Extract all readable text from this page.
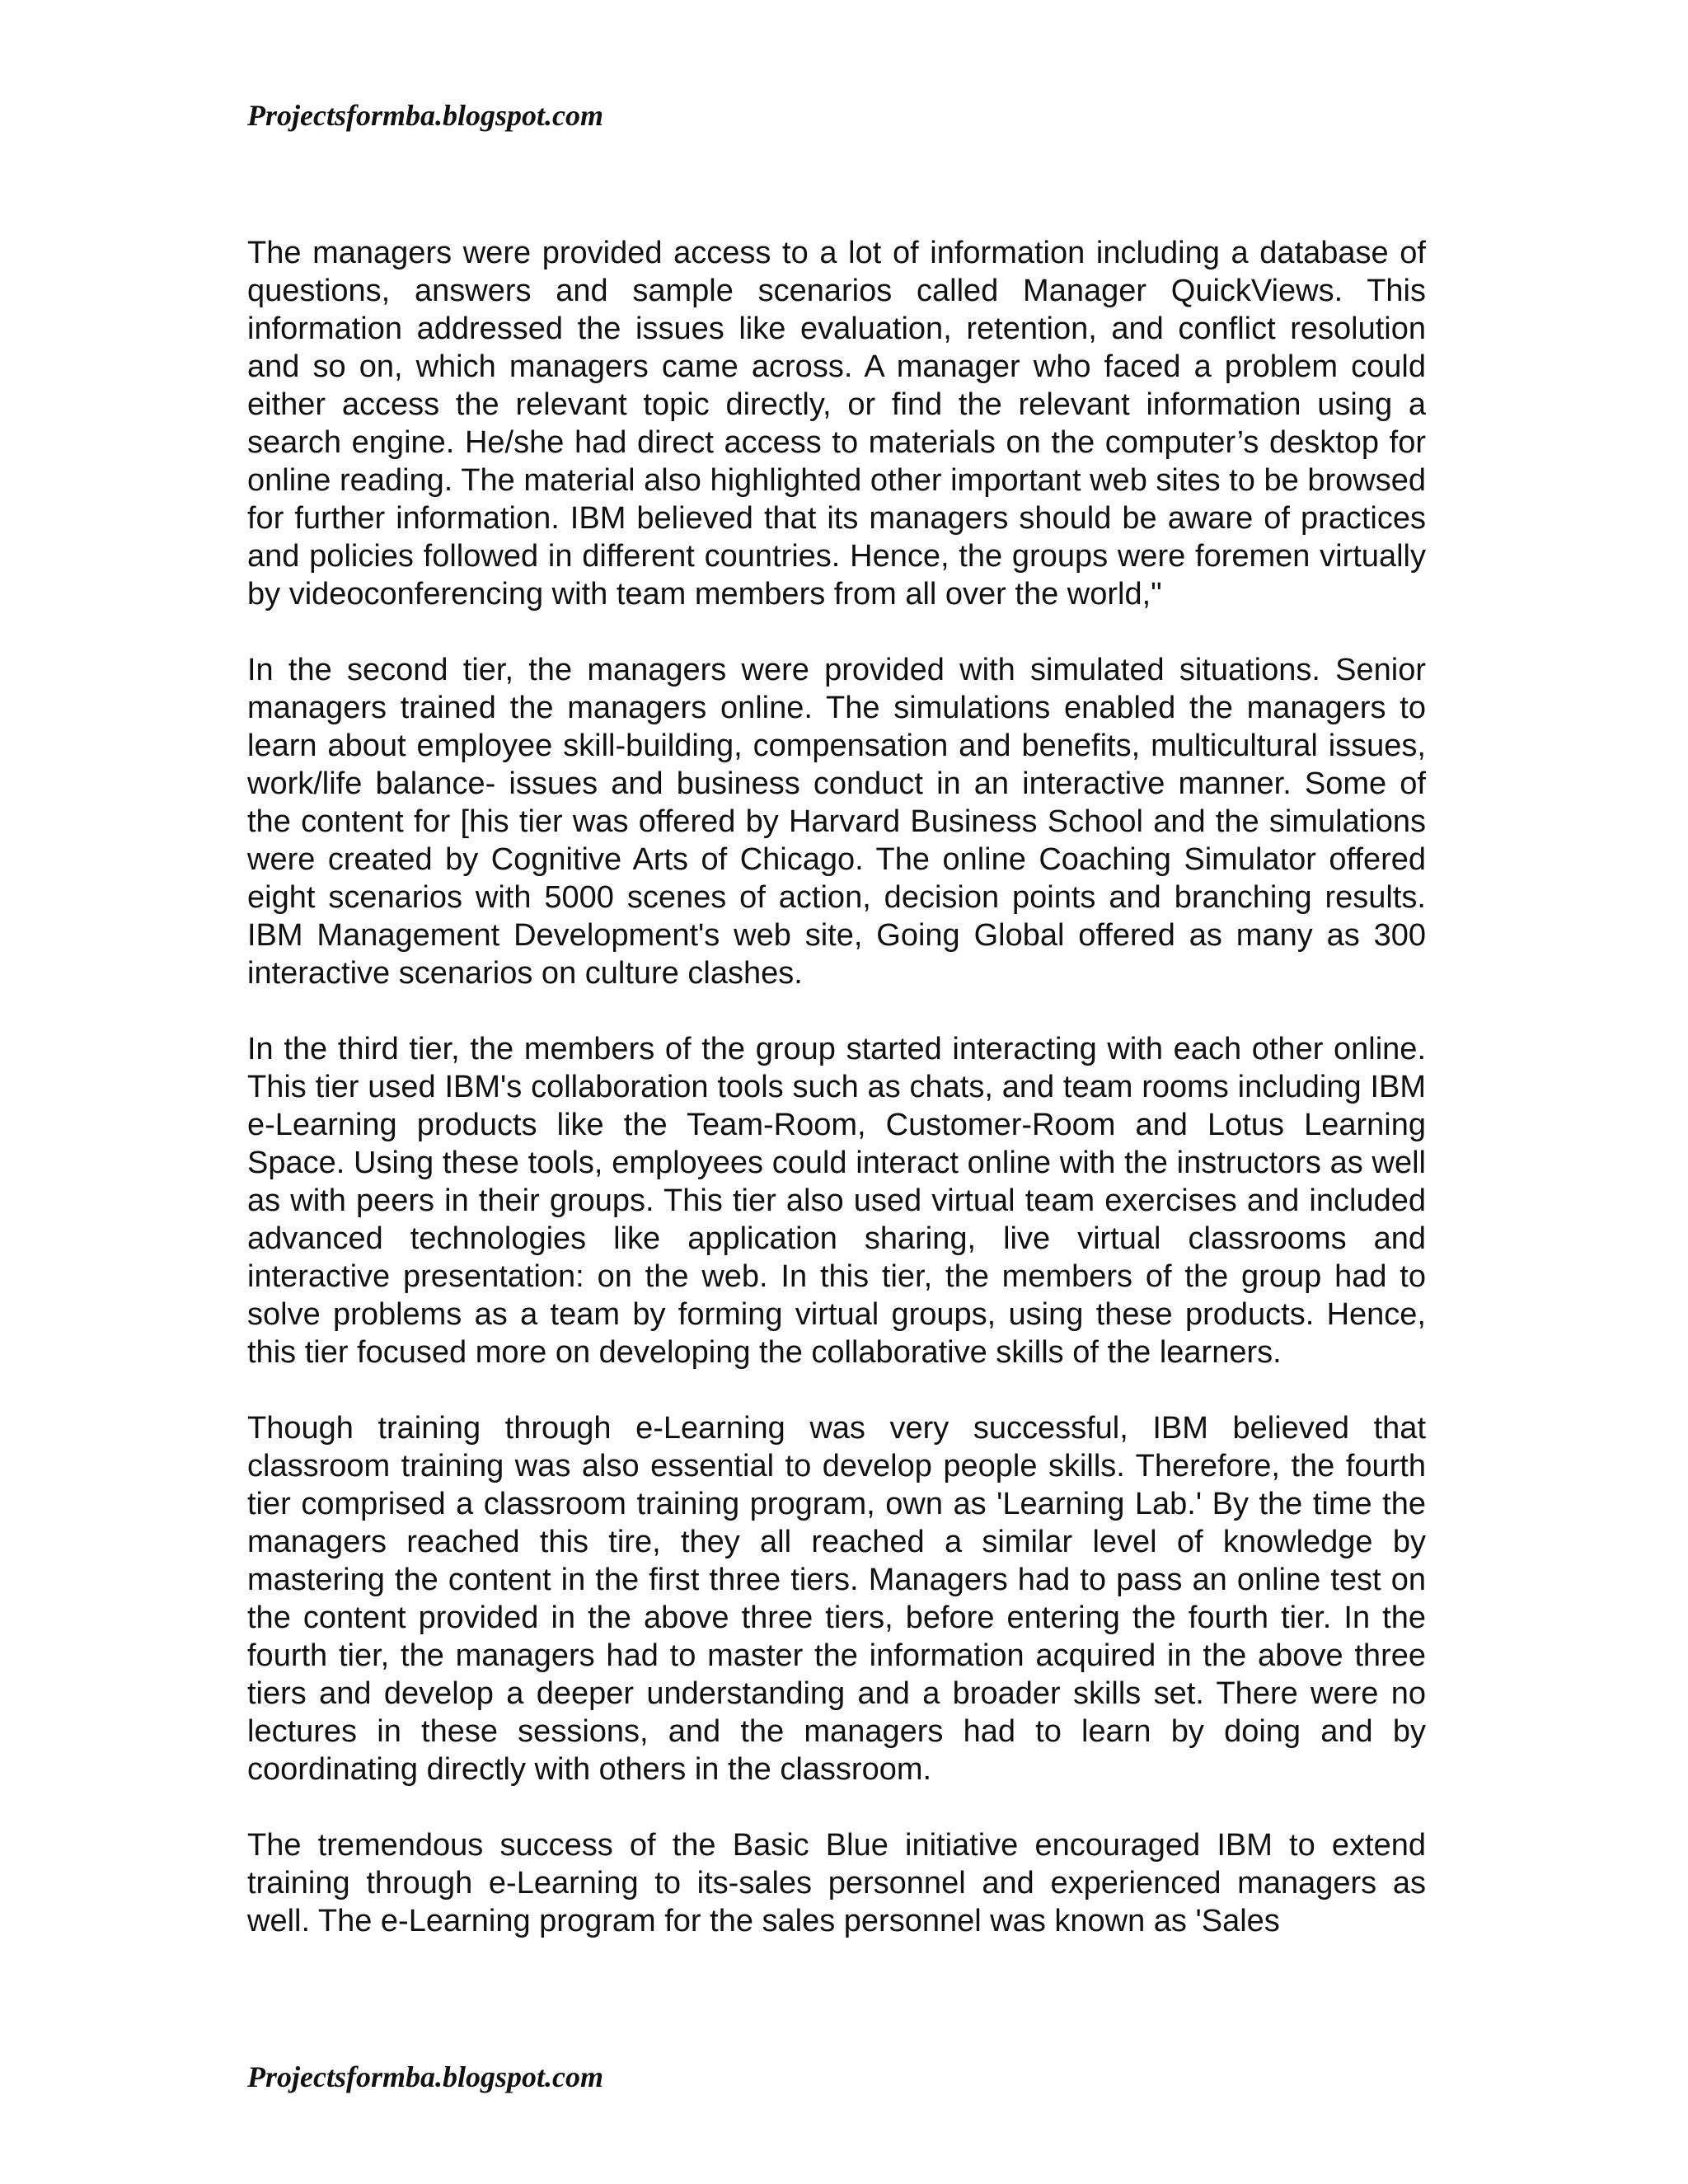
Projectsformba.blogspot.com

The managers were provided access to a lot of information including a database of questions, answers and sample scenarios called Manager QuickViews. This information addressed the issues like evaluation, retention, and conflict resolution and so on, which managers came across. A manager who faced a problem could either access the relevant topic directly, or find the relevant information using a search engine. He/she had direct access to materials on the computer’s desktop for online reading. The material also highlighted other important web sites to be browsed for further information. IBM believed that its managers should be aware of practices and policies followed in different countries. Hence, the groups were foremen virtually by videoconferencing with team members from all over the world,"

In the second tier, the managers were provided with simulated situations. Senior managers trained the managers online. The simulations enabled the managers to learn about employee skill-building, compensation and benefits, multicultural issues, work/life balance- issues and business conduct in an interactive manner. Some of the content for [his tier was offered by Harvard Business School and the simulations were created by Cognitive Arts of Chicago. The online Coaching Simulator offered eight scenarios with 5000 scenes of action, decision points and branching results. IBM Management Development's web site, Going Global offered as many as 300 interactive scenarios on culture clashes.

In the third tier, the members of the group started interacting with each other online. This tier used IBM's collaboration tools such as chats, and team rooms including IBM e-Learning products like the Team-Room, Customer-Room and Lotus Learning Space. Using these tools, employees could interact online with the instructors as well as with peers in their groups. This tier also used virtual team exercises and included advanced technologies like application sharing, live virtual classrooms and interactive presentation: on the web. In this tier, the members of the group had to solve problems as a team by forming virtual groups, using these products. Hence, this tier focused more on developing the collaborative skills of the learners.

Though training through e-Learning was very successful, IBM believed that classroom training was also essential to develop people skills. Therefore, the fourth tier comprised a classroom training program, own as 'Learning Lab.' By the time the managers reached this tire, they all reached a similar level of knowledge by mastering the content in the first three tiers. Managers had to pass an online test on the content provided in the above three tiers, before entering the fourth tier. In the fourth tier, the managers had to master the information acquired in the above three tiers and develop a deeper understanding and a broader skills set. There were no lectures in these sessions, and the managers had to learn by doing and by coordinating directly with others in the classroom.

The tremendous success of the Basic Blue initiative encouraged IBM to extend training through e-Learning to its-sales personnel and experienced managers as well. The e-Learning program for the sales personnel was known as 'Sales

Projectsformba.blogspot.com
